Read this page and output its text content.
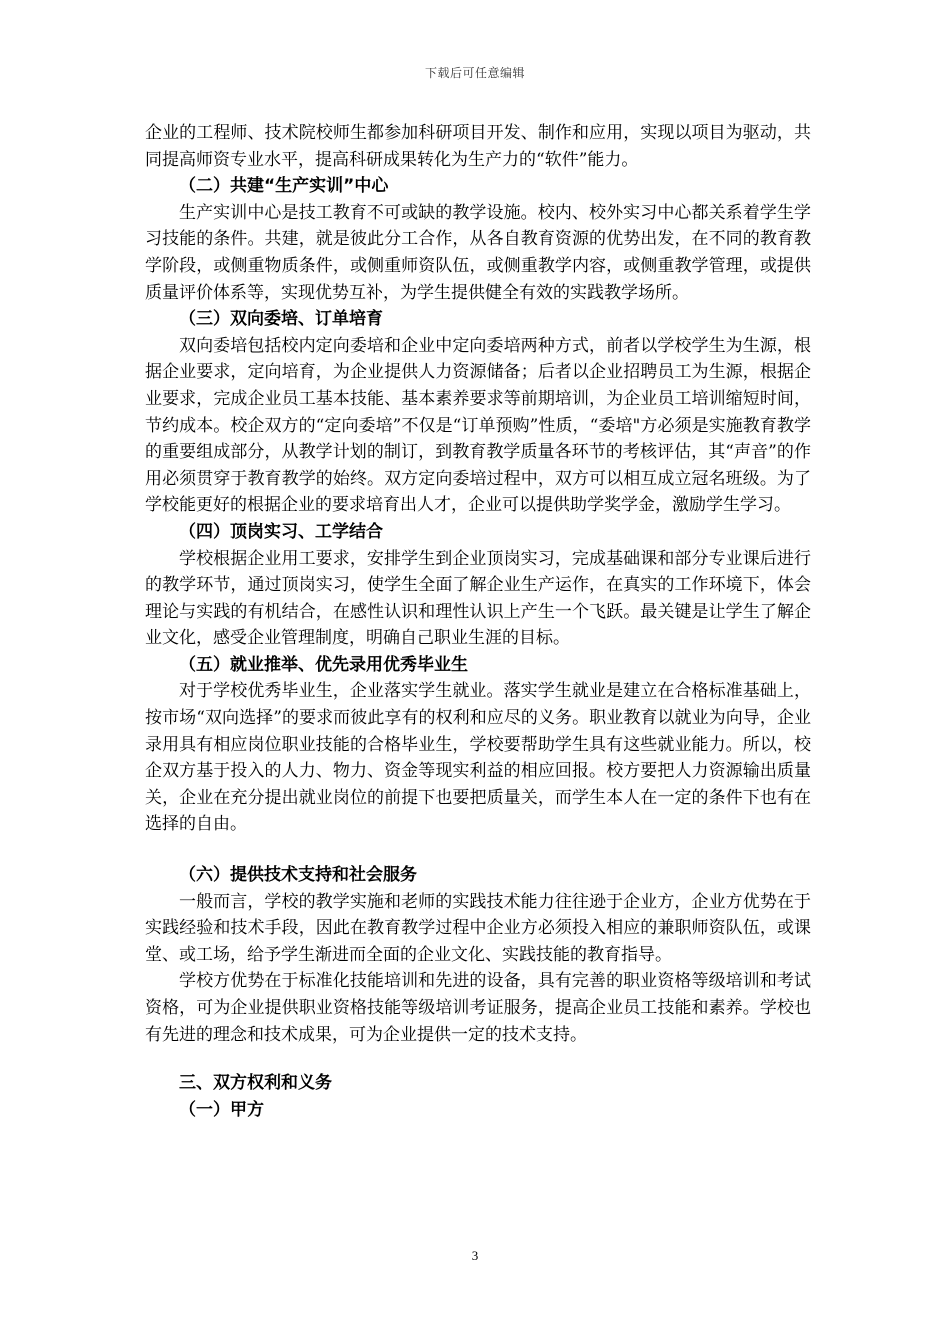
下载后可任意编辑

企业的工程师、技术院校师生都参加科研项目开发、制作和应用，实现以项目为驱动，共同提高师资专业水平，提高科研成果转化为生产力的“软件”能力。

（二）共建“生产实训”中心

生产实训中心是技工教育不可或缺的教学设施。校内、校外实习中心都关系着学生学习技能的条件。共建，就是彼此分工合作，从各自教育资源的优势出发，在不同的教育教学阶段，或侧重物质条件，或侧重师资队伍，或侧重教学内容，或侧重教学管理，或提供质量评价体系等，实现优势互补，为学生提供健全有效的实践教学场所。

（三）双向委培、订单培育

双向委培包括校内定向委培和企业中定向委培两种方式，前者以学校学生为生源，根据企业要求，定向培育，为企业提供人力资源储备；后者以企业招聘员工为生源，根据企业要求，完成企业员工基本技能、基本素养要求等前期培训，为企业员工培训缩短时间，节约成本。校企双方的“定向委培”不仅是“订单预购”性质，“委培"方必须是实施教育教学的重要组成部分，从教学计划的制订，到教育教学质量各环节的考核评估，其“声音”的作用必须贯穿于教育教学的始终。双方定向委培过程中，双方可以相互成立冠名班级。为了学校能更好的根据企业的要求培育出人才，企业可以提供助学奖学金，激励学生学习。

（四）顶岗实习、工学结合

学校根据企业用工要求，安排学生到企业顶岗实习，完成基础课和部分专业课后进行的教学环节，通过顶岗实习，使学生全面了解企业生产运作，在真实的工作环境下，体会理论与实践的有机结合，在感性认识和理性认识上产生一个飞跃。最关键是让学生了解企业文化，感受企业管理制度，明确自己职业生涯的目标。

（五）就业推举、优先录用优秀毕业生

对于学校优秀毕业生，企业落实学生就业。落实学生就业是建立在合格标准基础上，按市场“双向选择”的要求而彼此享有的权利和应尽的义务。职业教育以就业为向导，企业录用具有相应岗位职业技能的合格毕业生，学校要帮助学生具有这些就业能力。所以，校企双方基于投入的人力、物力、资金等现实利益的相应回报。校方要把人力资源输出质量关，企业在充分提出就业岗位的前提下也要把质量关，而学生本人在一定的条件下也有在选择的自由。

（六）提供技术支持和社会服务

一般而言，学校的教学实施和老师的实践技术能力往往逊于企业方，企业方优势在于实践经验和技术手段，因此在教育教学过程中企业方必须投入相应的兼职师资队伍，或课堂、或工场，给予学生渐进而全面的企业文化、实践技能的教育指导。

学校方优势在于标准化技能培训和先进的设备，具有完善的职业资格等级培训和考试资格，可为企业提供职业资格技能等级培训考证服务，提高企业员工技能和素养。学校也有先进的理念和技术成果，可为企业提供一定的技术支持。

三、双方权利和义务

（一）甲方

3
